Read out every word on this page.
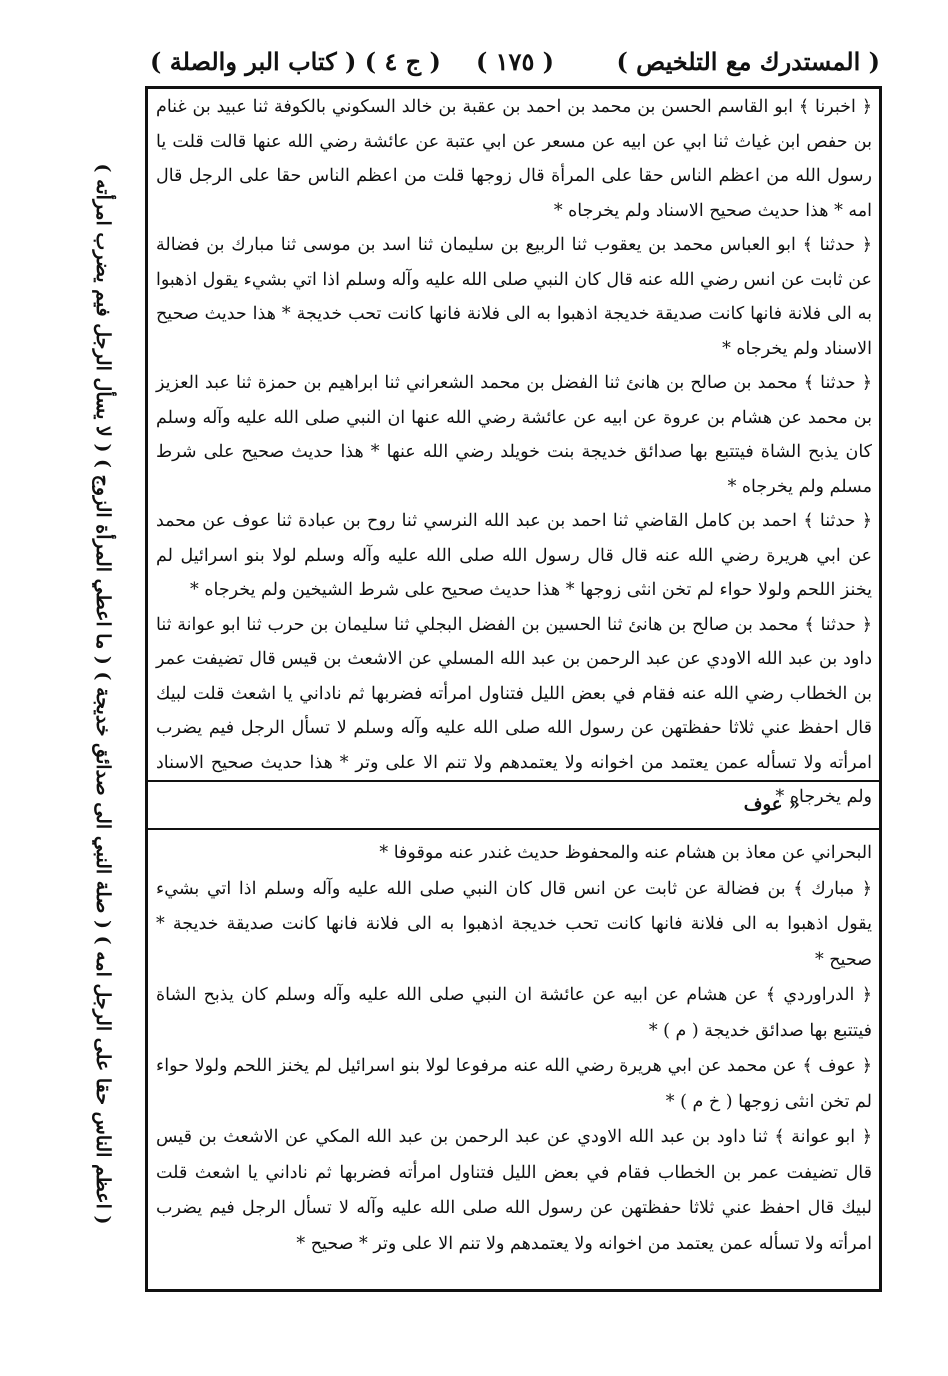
( المستدرك مع التلخيص )
( ١٧٥ )
( ج ٤ ) ( كتاب البر والصلة )
( اعظم الناس حقا على الرجل امه ) ( صلة النبي الى صدائق خديجة ) ( ما اعطي المرأة الزوج ) ( لا يسأل الرجل فيم يضرب امرأته )

﴿ اخبرنا ﴾ ابو القاسم الحسن بن محمد بن احمد بن عقبة بن خالد السكوني بالكوفة ثنا عبيد بن غنام بن حفص ابن غياث ثنا ابي عن ابيه عن مسعر عن ابي عتبة عن عائشة رضي الله عنها قالت قلت يا رسول الله من اعظم الناس حقا على المرأة قال زوجها قلت من اعظم الناس حقا على الرجل قال امه * هذا حديث صحيح الاسناد ولم يخرجاه *

﴿ حدثنا ﴾ ابو العباس محمد بن يعقوب ثنا الربيع بن سليمان ثنا اسد بن موسى ثنا مبارك بن فضالة عن ثابت عن انس رضي الله عنه قال كان النبي صلى الله عليه وآله وسلم اذا اتي بشيء يقول اذهبوا به الى فلانة فانها كانت صديقة خديجة اذهبوا به الى فلانة فانها كانت تحب خديجة * هذا حديث صحيح الاسناد ولم يخرجاه *

﴿ حدثنا ﴾ محمد بن صالح بن هانئ ثنا الفضل بن محمد الشعراني ثنا ابراهيم بن حمزة ثنا عبد العزيز بن محمد عن هشام بن عروة عن ابيه عن عائشة رضي الله عنها ان النبي صلى الله عليه وآله وسلم كان يذبح الشاة فيتتبع بها صدائق خديجة بنت خويلد رضي الله عنها * هذا حديث صحيح على شرط مسلم ولم يخرجاه *

﴿ حدثنا ﴾ احمد بن كامل القاضي ثنا احمد بن عبد الله النرسي ثنا روح بن عبادة ثنا عوف عن محمد عن ابي هريرة رضي الله عنه قال قال رسول الله صلى الله عليه وآله وسلم لولا بنو اسرائيل لم يخنز اللحم ولولا حواء لم تخن انثى زوجها * هذا حديث صحيح على شرط الشيخين ولم يخرجاه *

﴿ حدثنا ﴾ محمد بن صالح بن هانئ ثنا الحسين بن الفضل البجلي ثنا سليمان بن حرب ثنا ابو عوانة ثنا داود بن عبد الله الاودي عن عبد الرحمن بن عبد الله المسلي عن الاشعث بن قيس قال تضيفت عمر بن الخطاب رضي الله عنه فقام في بعض الليل فتناول امرأته فضربها ثم ناداني يا اشعث قلت لبيك قال احفظ عني ثلاثا حفظتهن عن رسول الله صلى الله عليه وآله وسلم لا تسأل الرجل فيم يضرب امرأته ولا تسأله عمن يعتمد من اخوانه ولا يعتمدهم ولا تنم الا على وتر * هذا حديث صحيح الاسناد ولم يخرجاه *

« عوف

البحراني عن معاذ بن هشام عنه والمحفوظ حديث غندر عنه موقوفا *

﴿ مبارك ﴾ بن فضالة عن ثابت عن انس قال كان النبي صلى الله عليه وآله وسلم اذا اتي بشيء يقول اذهبوا به الى فلانة فانها كانت تحب خديجة اذهبوا به الى فلانة فانها كانت صديقة خديجة * صحيح *

﴿ الدراوردي ﴾ عن هشام عن ابيه عن عائشة ان النبي صلى الله عليه وآله وسلم كان يذبح الشاة فيتتبع بها صدائق خديجة ( م ) *

﴿ عوف ﴾ عن محمد عن ابي هريرة رضي الله عنه مرفوعا لولا بنو اسرائيل لم يخنز اللحم ولولا حواء لم تخن انثى زوجها ( خ م ) *

﴿ ابو عوانة ﴾ ثنا داود بن عبد الله الاودي عن عبد الرحمن بن عبد الله المكي عن الاشعث بن قيس قال تضيفت عمر بن الخطاب فقام في بعض الليل فتناول امرأته فضربها ثم ناداني يا اشعث قلت لبيك قال احفظ عني ثلاثا حفظتهن عن رسول الله صلى الله عليه وآله لا تسأل الرجل فيم يضرب امرأته ولا تسأله عمن يعتمد من اخوانه ولا يعتمدهم ولا تنم الا على وتر * صحيح *
